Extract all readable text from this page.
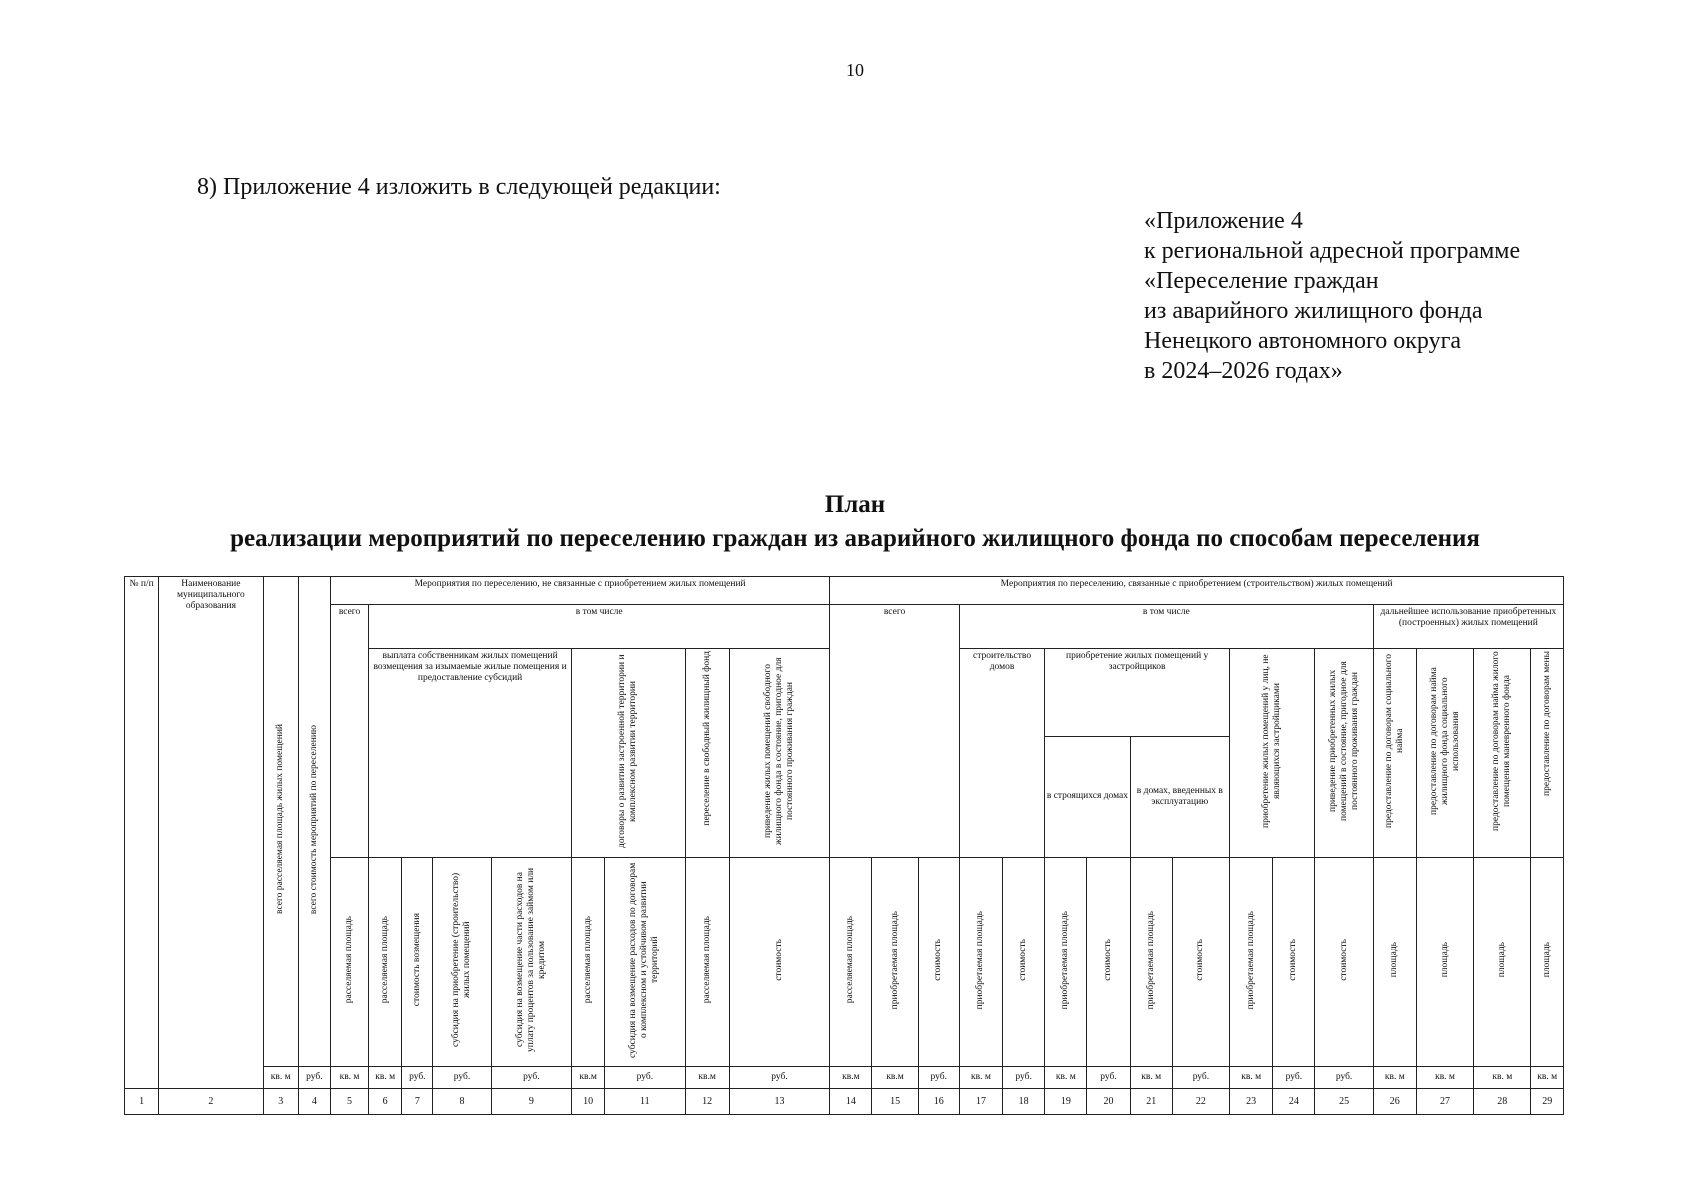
10
8) Приложение 4 изложить в следующей редакции:
«Приложение 4
к региональной адресной программе
«Переселение граждан
из аварийного жилищного фонда
Ненецкого автономного округа
в 2024–2026 годах»
План
реализации мероприятий по переселению граждан из аварийного жилищного фонда по способам переселения
№ п/п	Наименование муниципального образования	всего расселяемая площадь жилых помещений	всего стоимость мероприятий по переселению	Мероприятия по переселению, не связанные с приобретением жилых помещений									Мероприятия по переселению, связанные с приобретением (строительством) жилых помещений															
				всего	в том числе								всего			в том числе									дальнейшее использование приобретенных (построенных) жилых помещений			
					выплата собственникам жилых помещений возмещения за изымаемые жилые помещения и предоставление субсидий				договоры о развитии застроенной территории и комплексном развитии территории		переселение в свободный жилищный фонд	приведение жилых помещений свободного жилищного фонда в состояние, пригодное для постоянного проживания граждан				строительство домов		приобретение жилых помещений у застройщиков				приобретение жилых помещений у лиц, не являющихся застройщиками		приведение приобретенных жилых помещений в состояние, пригодное для постоянного проживания граждан	предоставление по договорам социального найма	предоставление по договорам найма жилищного фонда социального использования	предоставление по договорам найма жилого помещения маневренного фонда	предоставление по договорам мены
																		в строящихся домах		в домах, введенных в эксплуатацию								
				расселяемая площадь	расселяемая площадь	стоимость возмещения	субсидия на приобретение (строительство) жилых помещений	субсидия на возмещение части расходов на уплату процентов за пользование займом или кредитом	расселяемая площадь	субсидия на возмещение расходов по договорам о комплексном и устойчивом развитии территорий	расселяемая площадь	стоимость	расселяемая площадь	приобретаемая площадь	стоимость	приобретаемая площадь	стоимость	приобретаемая площадь	стоимость	приобретаемая площадь	стоимость	приобретаемая площадь	стоимость	стоимость	площадь	площадь	площадь	площадь
		кв. м	руб.	кв. м	кв. м	руб.	руб.	руб.	кв.м	руб.	кв.м	руб.	кв.м	кв.м	руб.	кв. м	руб.	кв. м	руб.	кв. м	руб.	кв. м	руб.	руб.	кв. м	кв. м	кв. м	кв. м
1	2	3	4	5	6	7	8	9	10	11	12	13	14	15	16	17	18	19	20	21	22	23	24	25	26	27	28	29
